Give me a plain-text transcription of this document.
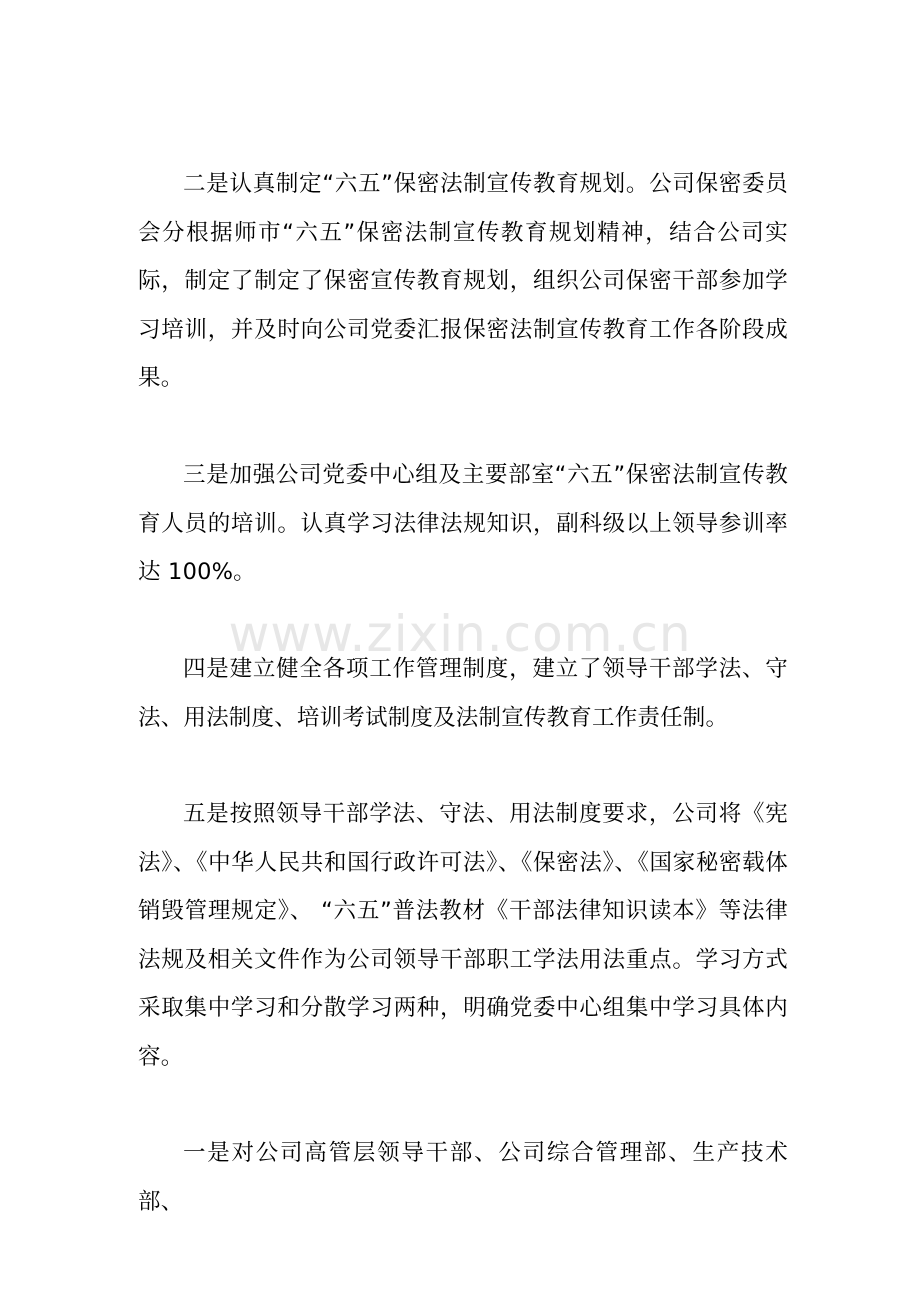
www.zixin.com.cn

二是认真制定“六五”保密法制宣传教育规划。公司保密委员会分根据师市“六五”保密法制宣传教育规划精神，结合公司实际，制定了制定了保密宣传教育规划，组织公司保密干部参加学习培训，并及时向公司党委汇报保密法制宣传教育工作各阶段成果。

三是加强公司党委中心组及主要部室“六五”保密法制宣传教育人员的培训。认真学习法律法规知识，副科级以上领导参训率达 100%。

四是建立健全各项工作管理制度，建立了领导干部学法、守法、用法制度、培训考试制度及法制宣传教育工作责任制。

五是按照领导干部学法、守法、用法制度要求，公司将《宪法》、《中华人民共和国行政许可法》、《保密法》、《国家秘密载体销毁管理规定》、 “六五”普法教材《干部法律知识读本》等法律法规及相关文件作为公司领导干部职工学法用法重点。学习方式采取集中学习和分散学习两种，明确党委中心组集中学习具体内容。

一是对公司高管层领导干部、公司综合管理部、生产技术部、
